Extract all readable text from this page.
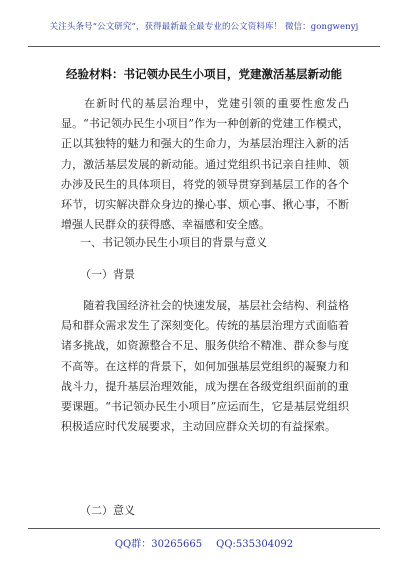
关注头条号“公文研究”，获得最新最全最专业的公文资料库！ 微信：gongwenyj
经验材料：书记领办民生小项目，党建激活基层新动能

在新时代的基层治理中，党建引领的重要性愈发凸显。“书记领办民生小项目”作为一种创新的党建工作模式，正以其独特的魅力和强大的生命力，为基层治理注入新的活力，激活基层发展的新动能。通过党组织书记亲自挂帅、领办涉及民生的具体项目，将党的领导贯穿到基层工作的各个环节，切实解决群众身边的操心事、烦心事、揪心事，不断增强人民群众的获得感、幸福感和安全感。

一、书记领办民生小项目的背景与意义
（一）背景

随着我国经济社会的快速发展，基层社会结构、利益格局和群众需求发生了深刻变化。传统的基层治理方式面临着诸多挑战，如资源整合不足、服务供给不精准、群众参与度不高等。在这样的背景下，如何加强基层党组织的凝聚力和战斗力，提升基层治理效能，成为摆在各级党组织面前的重要课题。“书记领办民生小项目”应运而生，它是基层党组织积极适应时代发展要求，主动回应群众关切的有益探索。

（二）意义
QQ群：30265665 QQ:535304092
